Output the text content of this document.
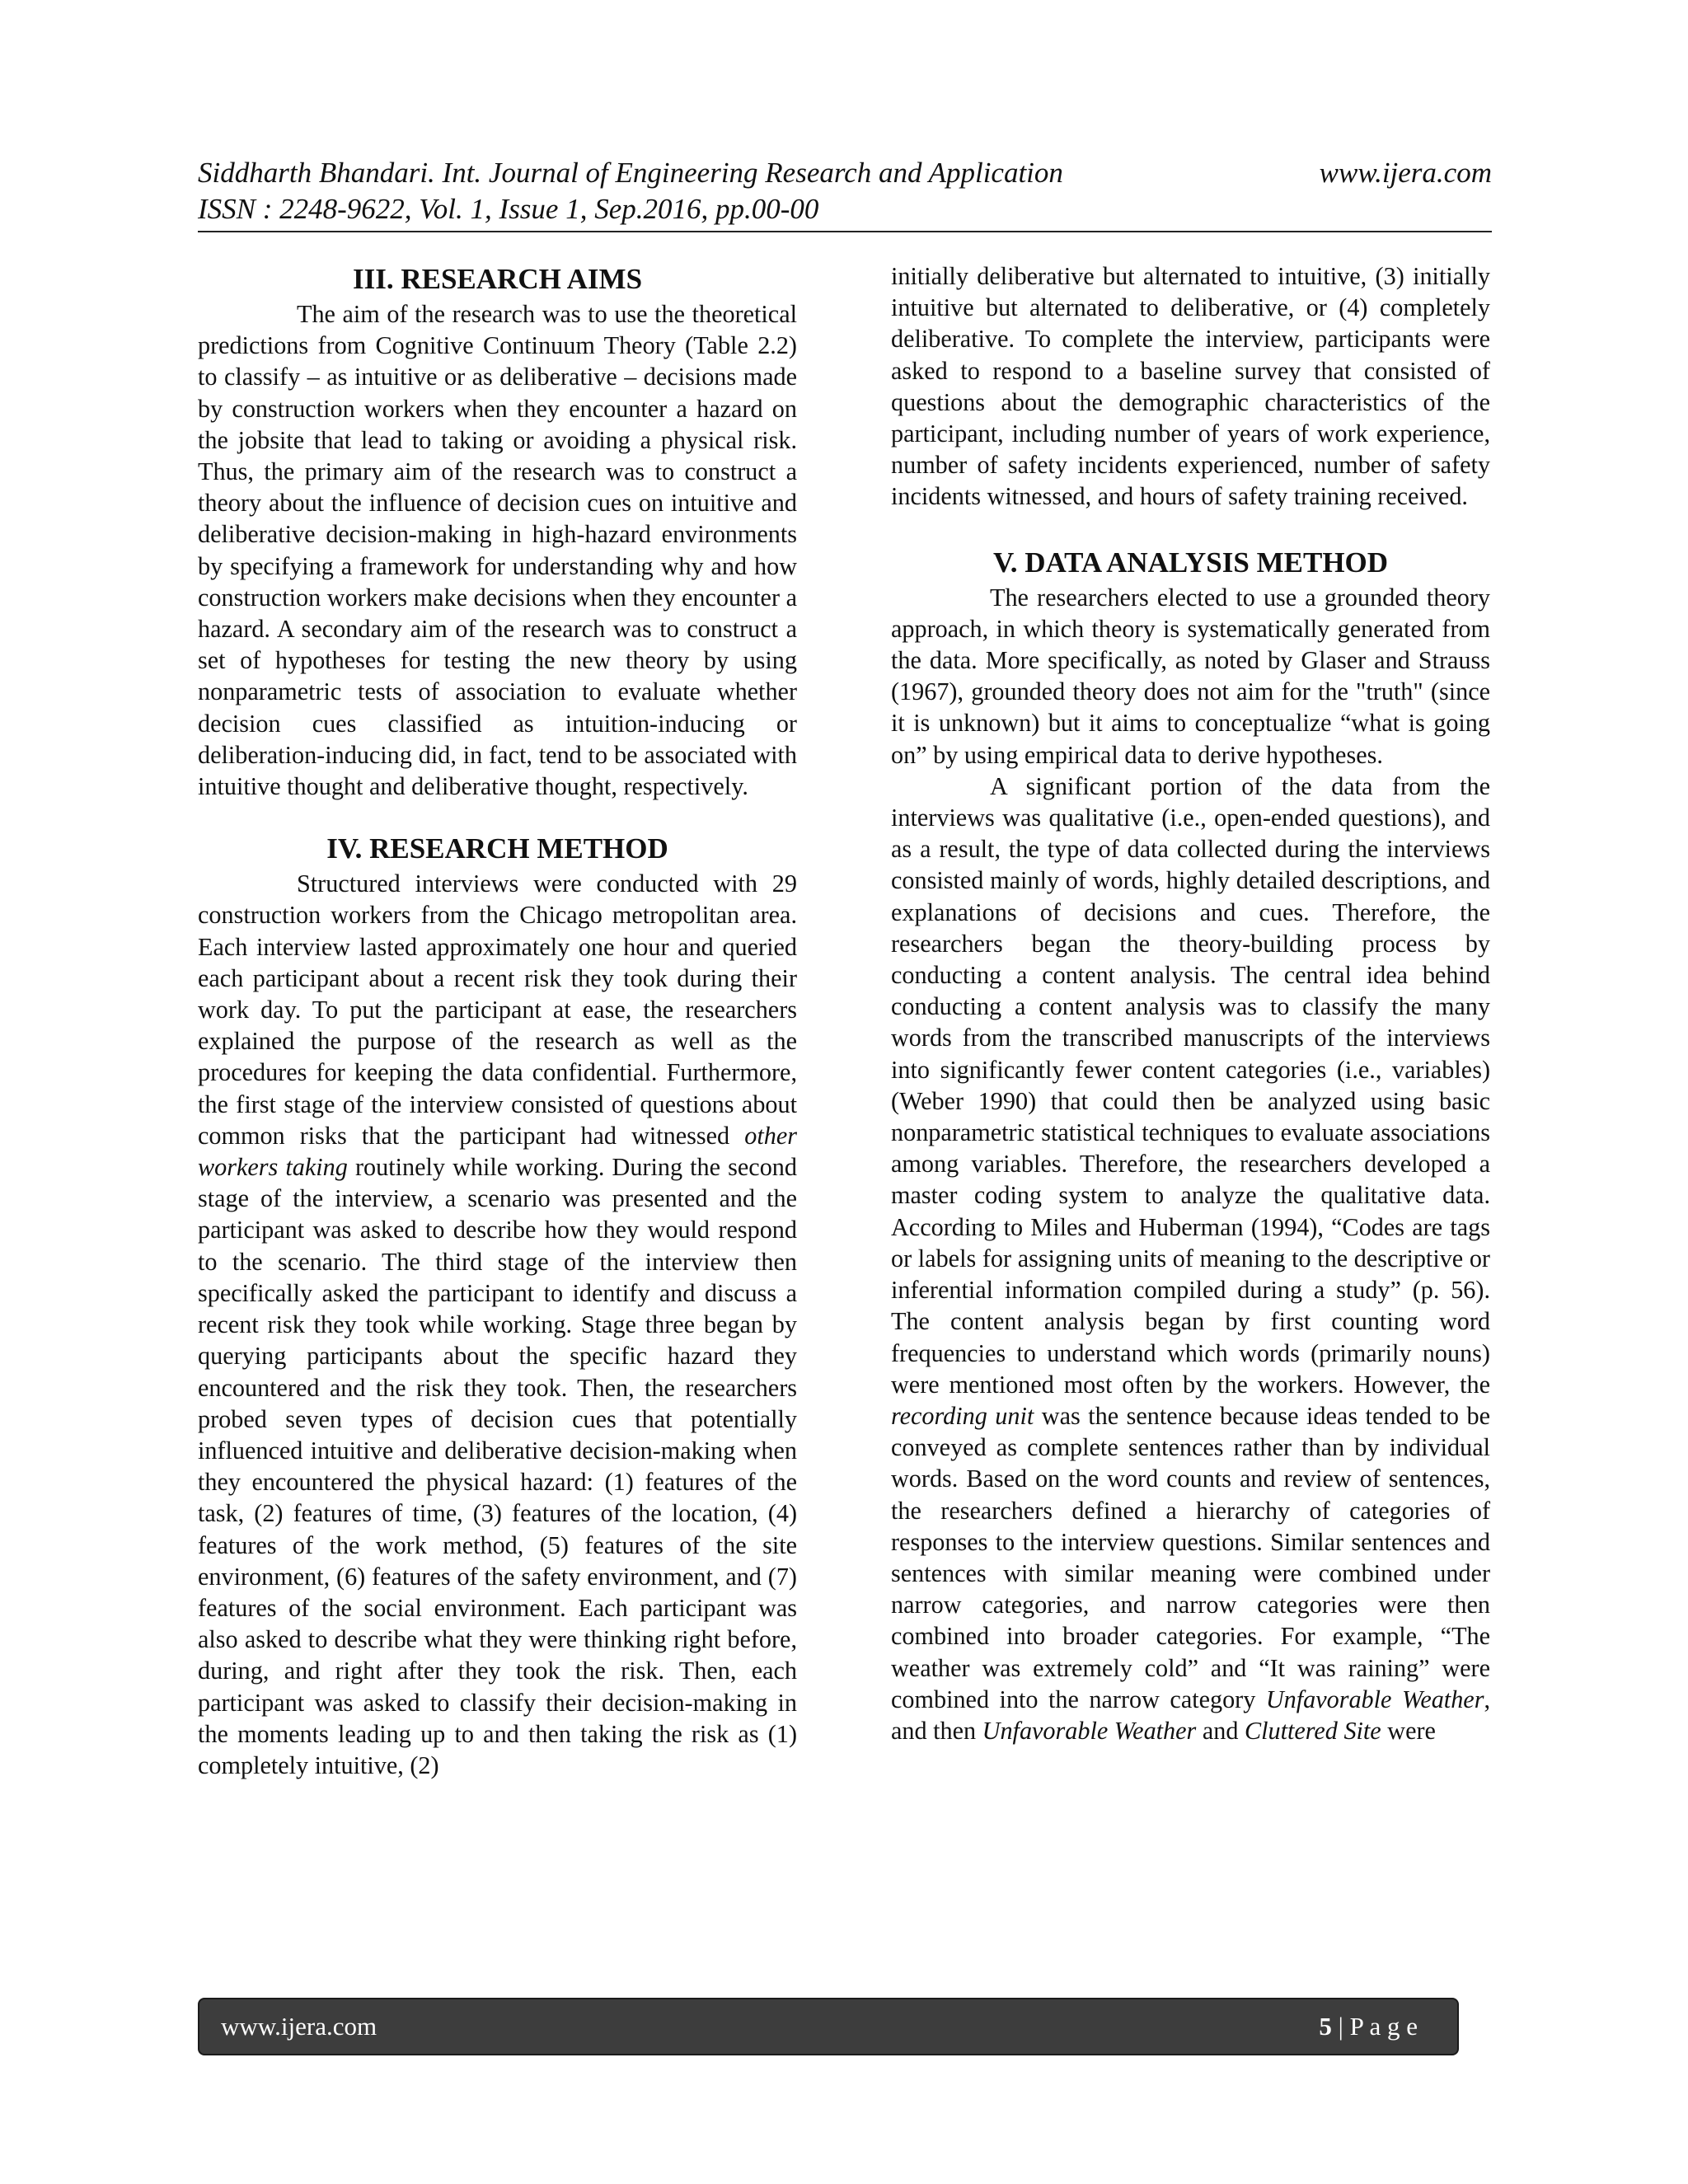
Siddharth Bhandari. Int. Journal of Engineering Research and Application	www.ijera.com
ISSN : 2248-9622, Vol. 1, Issue 1, Sep.2016, pp.00-00
III. RESEARCH AIMS

The aim of the research was to use the theoretical predictions from Cognitive Continuum Theory (Table 2.2) to classify – as intuitive or as deliberative – decisions made by construction workers when they encounter a hazard on the jobsite that lead to taking or avoiding a physical risk. Thus, the primary aim of the research was to construct a theory about the influence of decision cues on intuitive and deliberative decision-making in high-hazard environments by specifying a framework for understanding why and how construction workers make decisions when they encounter a hazard. A secondary aim of the research was to construct a set of hypotheses for testing the new theory by using nonparametric tests of association to evaluate whether decision cues classified as intuition-inducing or deliberation-inducing did, in fact, tend to be associated with intuitive thought and deliberative thought, respectively.

IV. RESEARCH METHOD

Structured interviews were conducted with 29 construction workers from the Chicago metropolitan area. Each interview lasted approximately one hour and queried each participant about a recent risk they took during their work day. To put the participant at ease, the researchers explained the purpose of the research as well as the procedures for keeping the data confidential. Furthermore, the first stage of the interview consisted of questions about common risks that the participant had witnessed other workers taking routinely while working. During the second stage of the interview, a scenario was presented and the participant was asked to describe how they would respond to the scenario. The third stage of the interview then specifically asked the participant to identify and discuss a recent risk they took while working. Stage three began by querying participants about the specific hazard they encountered and the risk they took. Then, the researchers probed seven types of decision cues that potentially influenced intuitive and deliberative decision-making when they encountered the physical hazard: (1) features of the task, (2) features of time, (3) features of the location, (4) features of the work method, (5) features of the site environment, (6) features of the safety environment, and (7) features of the social environment. Each participant was also asked to describe what they were thinking right before, during, and right after they took the risk. Then, each participant was asked to classify their decision-making in the moments leading up to and then taking the risk as (1) completely intuitive, (2)

initially deliberative but alternated to intuitive, (3) initially intuitive but alternated to deliberative, or (4) completely deliberative. To complete the interview, participants were asked to respond to a baseline survey that consisted of questions about the demographic characteristics of the participant, including number of years of work experience, number of safety incidents experienced, number of safety incidents witnessed, and hours of safety training received.

V. DATA ANALYSIS METHOD

The researchers elected to use a grounded theory approach, in which theory is systematically generated from the data. More specifically, as noted by Glaser and Strauss (1967), grounded theory does not aim for the "truth" (since it is unknown) but it aims to conceptualize “what is going on” by using empirical data to derive hypotheses.

A significant portion of the data from the interviews was qualitative (i.e., open-ended questions), and as a result, the type of data collected during the interviews consisted mainly of words, highly detailed descriptions, and explanations of decisions and cues. Therefore, the researchers began the theory-building process by conducting a content analysis. The central idea behind conducting a content analysis was to classify the many words from the transcribed manuscripts of the interviews into significantly fewer content categories (i.e., variables) (Weber 1990) that could then be analyzed using basic nonparametric statistical techniques to evaluate associations among variables. Therefore, the researchers developed a master coding system to analyze the qualitative data. According to Miles and Huberman (1994), “Codes are tags or labels for assigning units of meaning to the descriptive or inferential information compiled during a study” (p. 56). The content analysis began by first counting word frequencies to understand which words (primarily nouns) were mentioned most often by the workers. However, the recording unit was the sentence because ideas tended to be conveyed as complete sentences rather than by individual words. Based on the word counts and review of sentences, the researchers defined a hierarchy of categories of responses to the interview questions. Similar sentences and sentences with similar meaning were combined under narrow categories, and narrow categories were then combined into broader categories. For example, “The weather was extremely cold” and “It was raining” were combined into the narrow category Unfavorable Weather, and then Unfavorable Weather and Cluttered Site were

www.ijera.com	5 | P a g e
